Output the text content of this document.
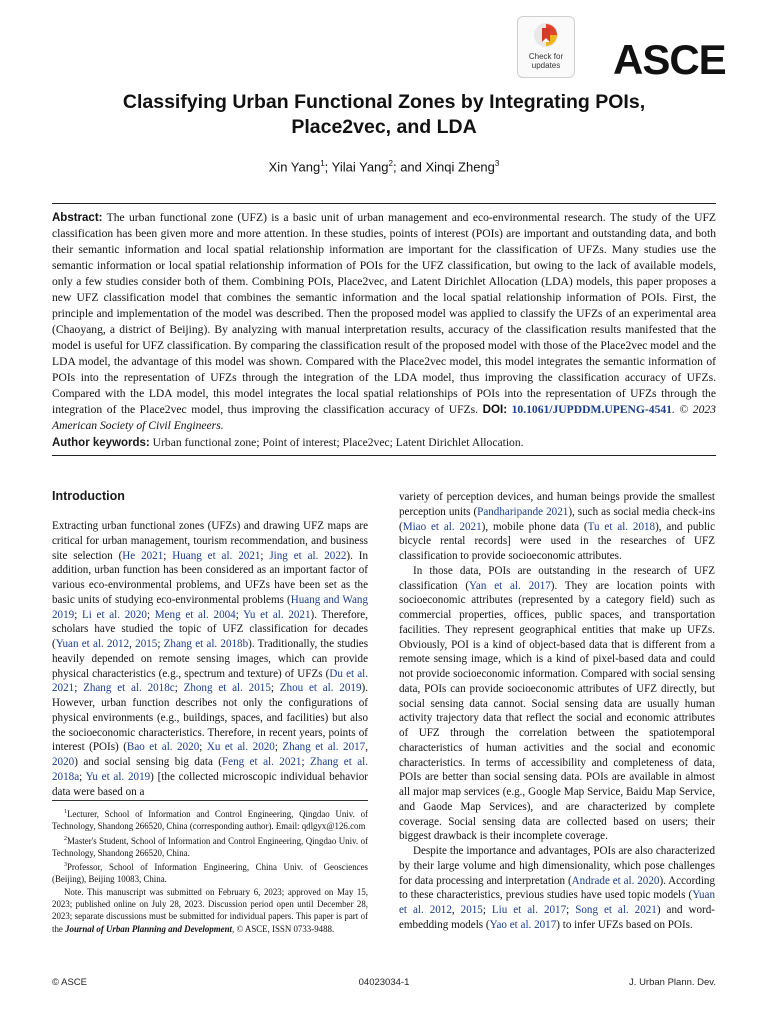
Check for
updates	ASCE
Classifying Urban Functional Zones by Integrating POIs,
Place2vec, and LDA
Xin Yang$^1$; Yilai Yang$^2$; and Xinqi Zheng$^3$
Abstract: The urban functional zone (UFZ) is a basic unit of urban management and eco-environmental research. The study of the UFZ classification has been given more and more attention. In these studies, points of interest (POIs) are important and outstanding data, and both their semantic information and local spatial relationship information are important for the classification of UFZs. Many studies use the semantic information or local spatial relationship information of POIs for the UFZ classification, but owing to the lack of available models, only a few studies consider both of them. Combining POIs, Place2vec, and Latent Dirichlet Allocation (LDA) models, this paper proposes a new UFZ classification model that combines the semantic information and the local spatial relationship information of POIs. First, the principle and implementation of the model was described. Then the proposed model was applied to classify the UFZs of an experimental area (Chaoyang, a district of Beijing). By analyzing with manual interpretation results, accuracy of the classification results manifested that the model is useful for UFZ classification. By comparing the classification result of the proposed model with those of the Place2vec model and the LDA model, the advantage of this model was shown. Compared with the Place2vec model, this model integrates the semantic information of POIs into the representation of UFZs through the integration of the LDA model, thus improving the classification accuracy of UFZs. Compared with the LDA model, this model integrates the local spatial relationships of POIs into the representation of UFZs through the integration of the Place2vec model, thus improving the classification accuracy of UFZs. DOI: 10.1061/JUPDDM.UPENG-4541. © 2023 American Society of Civil Engineers.
Author keywords: Urban functional zone; Point of interest; Place2vec; Latent Dirichlet Allocation.
Introduction

Extracting urban functional zones (UFZs) and drawing UFZ maps are critical for urban management, tourism recommendation, and business site selection (He 2021; Huang et al. 2021; Jing et al. 2022). In addition, urban function has been considered as an important factor of various eco-environmental problems, and UFZs have been set as the basic units of studying eco-environmental problems (Huang and Wang 2019; Li et al. 2020; Meng et al. 2004; Yu et al. 2021). Therefore, scholars have studied the topic of UFZ classification for decades (Yuan et al. 2012, 2015; Zhang et al. 2018b). Traditionally, the studies heavily depended on remote sensing images, which can provide physical characteristics (e.g., spectrum and texture) of UFZs (Du et al. 2021; Zhang et al. 2018c; Zhong et al. 2015; Zhou et al. 2019). However, urban function describes not only the configurations of physical environments (e.g., buildings, spaces, and facilities) but also the socioeconomic characteristics. Therefore, in recent years, points of interest (POIs) (Bao et al. 2020; Xu et al. 2020; Zhang et al. 2017, 2020) and social sensing big data (Feng et al. 2021; Zhang et al. 2018a; Yu et al. 2019) [the collected microscopic individual behavior data were based on a

$^1$Lecturer, School of Information and Control Engineering, Qingdao Univ. of Technology, Shandong 266520, China (corresponding author). Email: qdlgyx@126.com

$^2$Master's Student, School of Information and Control Engineering, Qingdao Univ. of Technology, Shandong 266520, China.

$^3$Professor, School of Information Engineering, China Univ. of Geosciences (Beijing), Beijing 10083, China.

Note. This manuscript was submitted on February 6, 2023; approved on May 15, 2023; published online on July 28, 2023. Discussion period open until December 28, 2023; separate discussions must be submitted for individual papers. This paper is part of the Journal of Urban Planning and Development, © ASCE, ISSN 0733-9488.

variety of perception devices, and human beings provide the smallest perception units (Pandharipande 2021), such as social media check-ins (Miao et al. 2021), mobile phone data (Tu et al. 2018), and public bicycle rental records] were used in the researches of UFZ classification to provide socioeconomic attributes.

In those data, POIs are outstanding in the research of UFZ classification (Yan et al. 2017). They are location points with socioeconomic attributes (represented by a category field) such as commercial properties, offices, public spaces, and transportation facilities. They represent geographical entities that make up UFZs. Obviously, POI is a kind of object-based data that is different from a remote sensing image, which is a kind of pixel-based data and could not provide socioeconomic information. Compared with social sensing data, POIs can provide socioeconomic attributes of UFZ directly, but social sensing data cannot. Social sensing data are usually human activity trajectory data that reflect the social and economic attributes of UFZ through the correlation between the spatiotemporal characteristics of human activities and the social and economic characteristics. In terms of accessibility and completeness of data, POIs are better than social sensing data. POIs are available in almost all major map services (e.g., Google Map Service, Baidu Map Service, and Gaode Map Services), and are characterized by complete coverage. Social sensing data are collected based on users; their biggest drawback is their incomplete coverage.

Despite the importance and advantages, POIs are also characterized by their large volume and high dimensionality, which pose challenges for data processing and interpretation (Andrade et al. 2020). According to these characteristics, previous studies have used topic models (Yuan et al. 2012, 2015; Liu et al. 2017; Song et al. 2021) and word-embedding models (Yao et al. 2017) to infer UFZs based on POIs.

© ASCE	04023034-1	J. Urban Plann. Dev.
